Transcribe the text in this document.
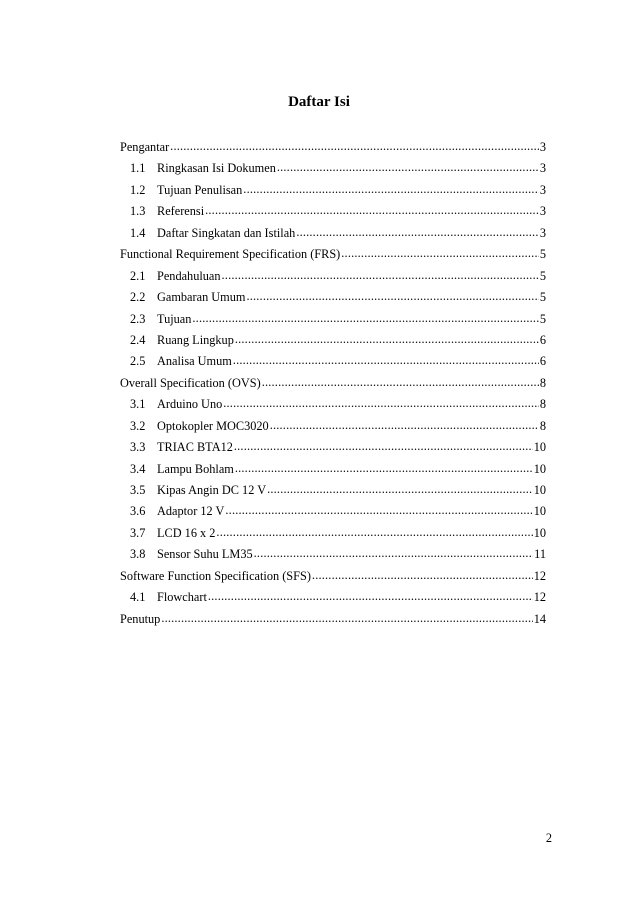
Daftar Isi
Pengantar .....	3
1.1 Ringkasan Isi Dokumen .....	3
1.2 Tujuan Penulisan .....	3
1.3 Referensi .....	3
1.4 Daftar Singkatan dan Istilah .....	3
Functional Requirement Specification (FRS) .....	5
2.1 Pendahuluan .....	5
2.2 Gambaran Umum .....	5
2.3 Tujuan .....	5
2.4 Ruang Lingkup .....	6
2.5 Analisa Umum .....	6
Overall Specification (OVS) .....	8
3.1 Arduino Uno .....	8
3.2 Optokopler MOC3020 .....	8
3.3 TRIAC BTA12 .....	10
3.4 Lampu Bohlam .....	10
3.5 Kipas Angin DC 12 V .....	10
3.6 Adaptor 12 V .....	10
3.7 LCD 16 x 2 .....	10
3.8 Sensor Suhu LM35 .....	11
Software Function Specification (SFS) .....	12
4.1 Flowchart .....	12
Penutup .....	14
2
